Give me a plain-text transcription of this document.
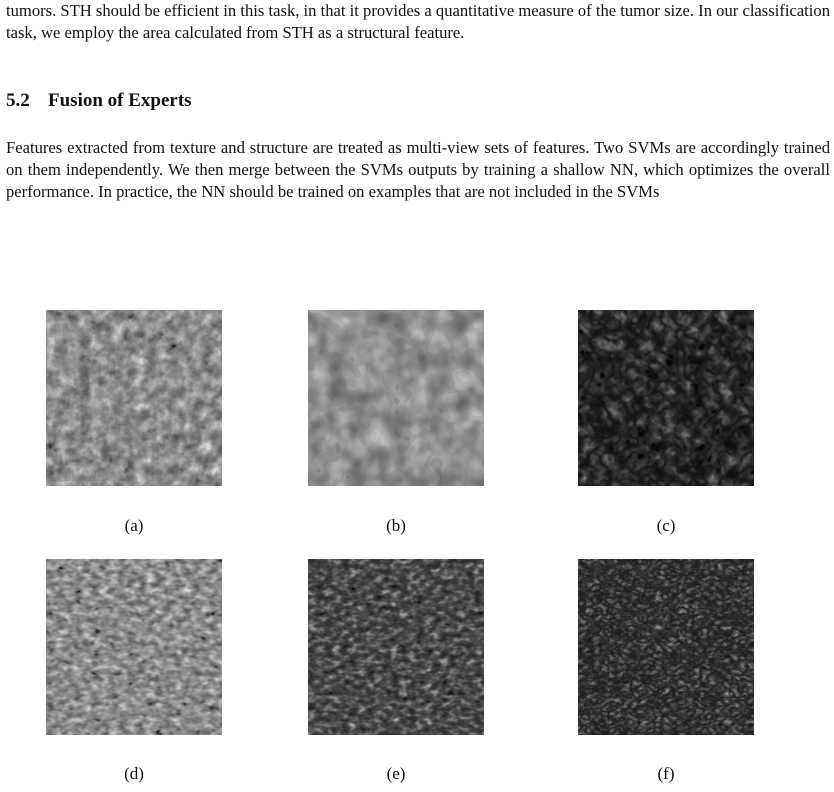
tumors. STH should be efficient in this task, in that it provides a quantitative measure of the tumor size. In our classification task, we employ the area calculated from STH as a structural feature.

5.2 Fusion of Experts

Features extracted from texture and structure are treated as multi-view sets of features. Two SVMs are accordingly trained on them independently. We then merge between the SVMs outputs by training a shallow NN, which optimizes the overall performance. In practice, the NN should be trained on examples that are not included in the SVMs

(a)	(b)	(c)
(d)	(e)	(f)
